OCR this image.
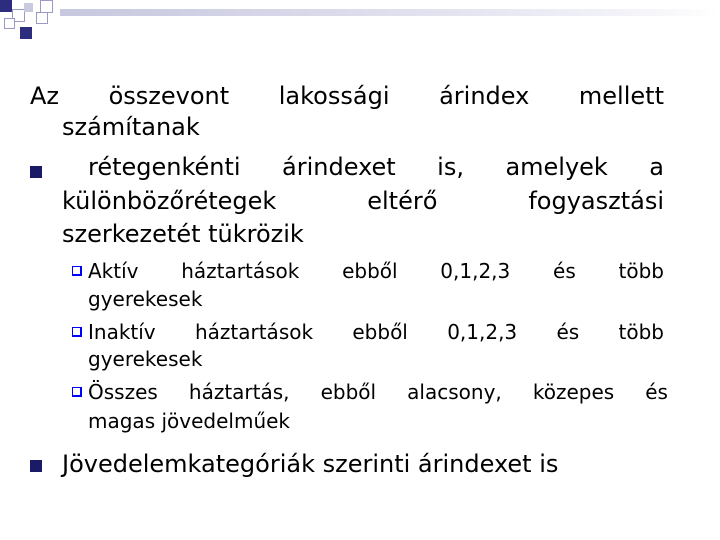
Az összevont lakossági árindex mellett
számítanak
rétegenkénti árindexet is, amelyek a
különbözőrétegek	eltérő	fogyasztási
szerkezetét tükrözik
Aktív háztartások ebből 0,1,2,3 és több
gyerekesek
Inaktív háztartások ebből 0,1,2,3 és több
gyerekesek
Összes háztartás, ebből alacsony, közepes és
magas jövedelműek
Jövedelemkategóriák szerinti árindexet is
